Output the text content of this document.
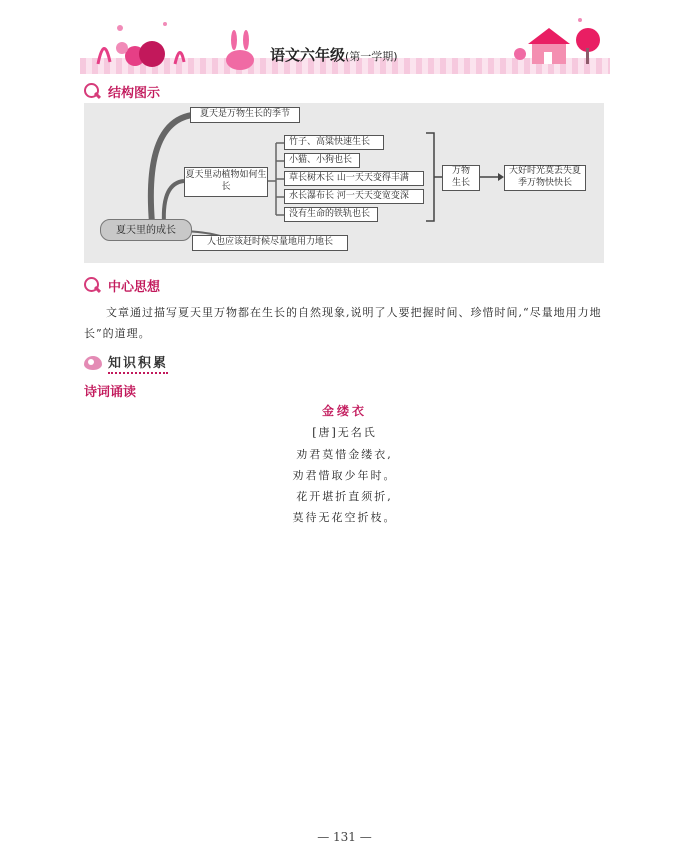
语文六年级(第一学期)
结构图示
夏天里的成长
夏天是万物生长的季节
夏天里动植物如何生长
人也应该赶时候尽量地用力地长
竹子、高粱快速生长
小猫、小狗也长
草长树木长 山一天天变得丰满
水长瀑布长 河一天天变宽变深
没有生命的铁轨也长
万物生长
大好时光莫丢失夏季万物快快长
中心思想

文章通过描写夏天里万物都在生长的自然现象,说明了人要把握时间、珍惜时间,“尽量地用力地长”的道理。

知识积累
诗词诵读
金缕衣
[唐]无名氏
劝君莫惜金缕衣,
劝君惜取少年时。
花开堪折直须折,
莫待无花空折枝。
— 131 —
